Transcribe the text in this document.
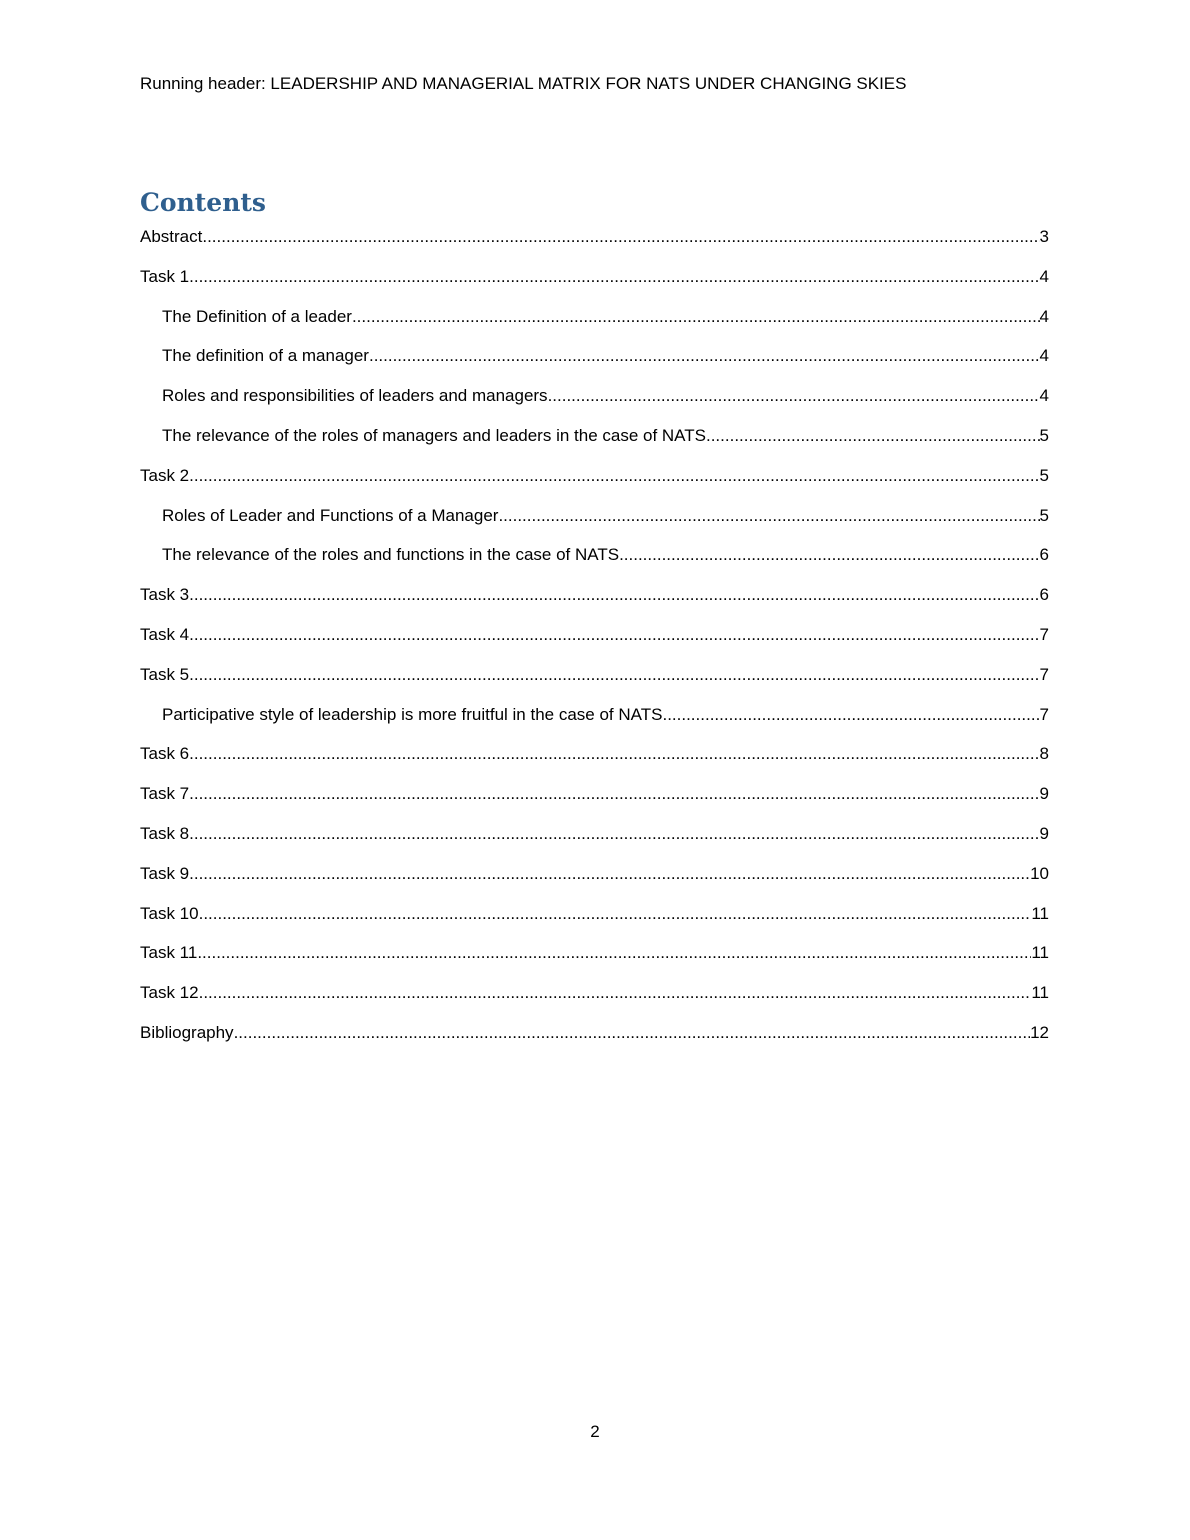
Running header: LEADERSHIP AND MANAGERIAL MATRIX FOR NATS UNDER CHANGING SKIES
Contents
Abstract .....	3
Task 1 .....	4
The Definition of a leader .....	4
The definition of a manager .....	4
Roles and responsibilities of leaders and managers .....	4
The relevance of the roles of managers and leaders in the case of NATS .....	5
Task 2 .....	5
Roles of Leader and Functions of a Manager .....	5
The relevance of the roles and functions in the case of NATS .....	6
Task 3 .....	6
Task 4 .....	7
Task 5 .....	7
Participative style of leadership is more fruitful in the case of NATS .....	7
Task 6 .....	8
Task 7 .....	9
Task 8 .....	9
Task 9 .....	10
Task 10 .....	11
Task 11 .....	11
Task 12 .....	11
Bibliography .....	12
2
